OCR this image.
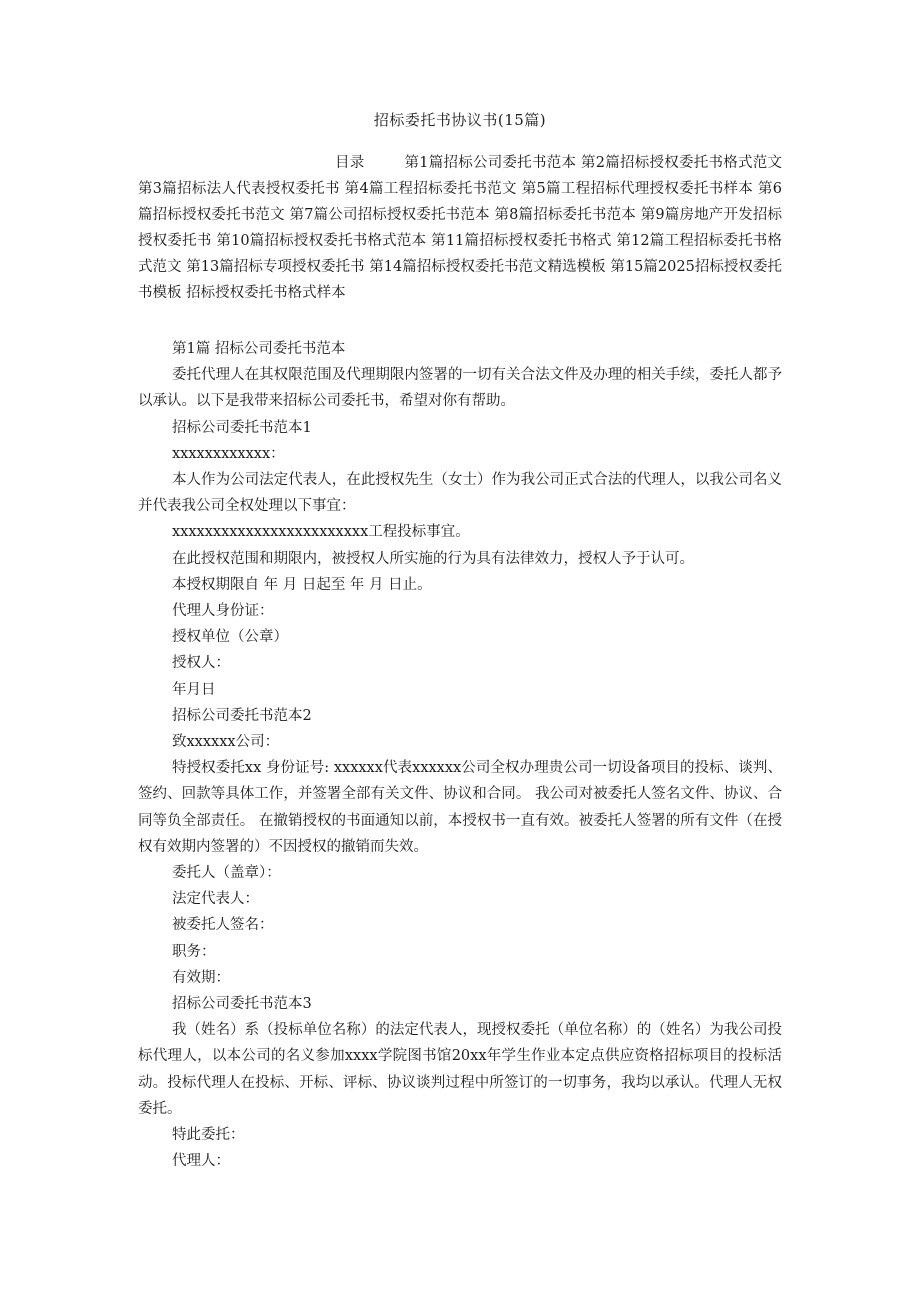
招标委托书协议书(15篇)

目录	第1篇招标公司委托书范本 第2篇招标授权委托书格式范文 第3篇招标法人代表授权委托书 第4篇工程招标委托书范文 第5篇工程招标代理授权委托书样本 第6篇招标授权委托书范文 第7篇公司招标授权委托书范本 第8篇招标委托书范本 第9篇房地产开发招标授权委托书 第10篇招标授权委托书格式范本 第11篇招标授权委托书格式 第12篇工程招标委托书格式范文 第13篇招标专项授权委托书 第14篇招标授权委托书范文精选模板 第15篇2025招标授权委托书模板 招标授权委托书格式样本

第1篇 招标公司委托书范本

委托代理人在其权限范围及代理期限内签署的一切有关合法文件及办理的相关手续，委托人都予以承认。以下是我带来招标公司委托书，希望对你有帮助。

招标公司委托书范本1

xxxxxxxxxxxx：

本人作为公司法定代表人，在此授权先生（女士）作为我公司正式合法的代理人，以我公司名义并代表我公司全权处理以下事宜：

xxxxxxxxxxxxxxxxxxxxxxxx工程投标事宜。

在此授权范围和期限内，被授权人所实施的行为具有法律效力，授权人予于认可。

本授权期限自 年 月 日起至 年 月 日止。

代理人身份证：

授权单位（公章）

授权人：

年月日

招标公司委托书范本2

致xxxxxx公司：

特授权委托xx 身份证号: xxxxxx代表xxxxxx公司全权办理贵公司一切设备项目的投标、谈判、签约、回款等具体工作，并签署全部有关文件、协议和合同。 我公司对被委托人签名文件、协议、合同等负全部责任。 在撤销授权的书面通知以前，本授权书一直有效。被委托人签署的所有文件（在授权有效期内签署的）不因授权的撤销而失效。

委托人（盖章）：

法定代表人：

被委托人签名：

职务：

有效期：

招标公司委托书范本3

我（姓名）系（投标单位名称）的法定代表人，现授权委托（单位名称）的（姓名）为我公司投标代理人，以本公司的名义参加xxxx学院图书馆20xx年学生作业本定点供应资格招标项目的投标活动。投标代理人在投标、开标、评标、协议谈判过程中所签订的一切事务，我均以承认。代理人无权委托。

特此委托：

代理人：
